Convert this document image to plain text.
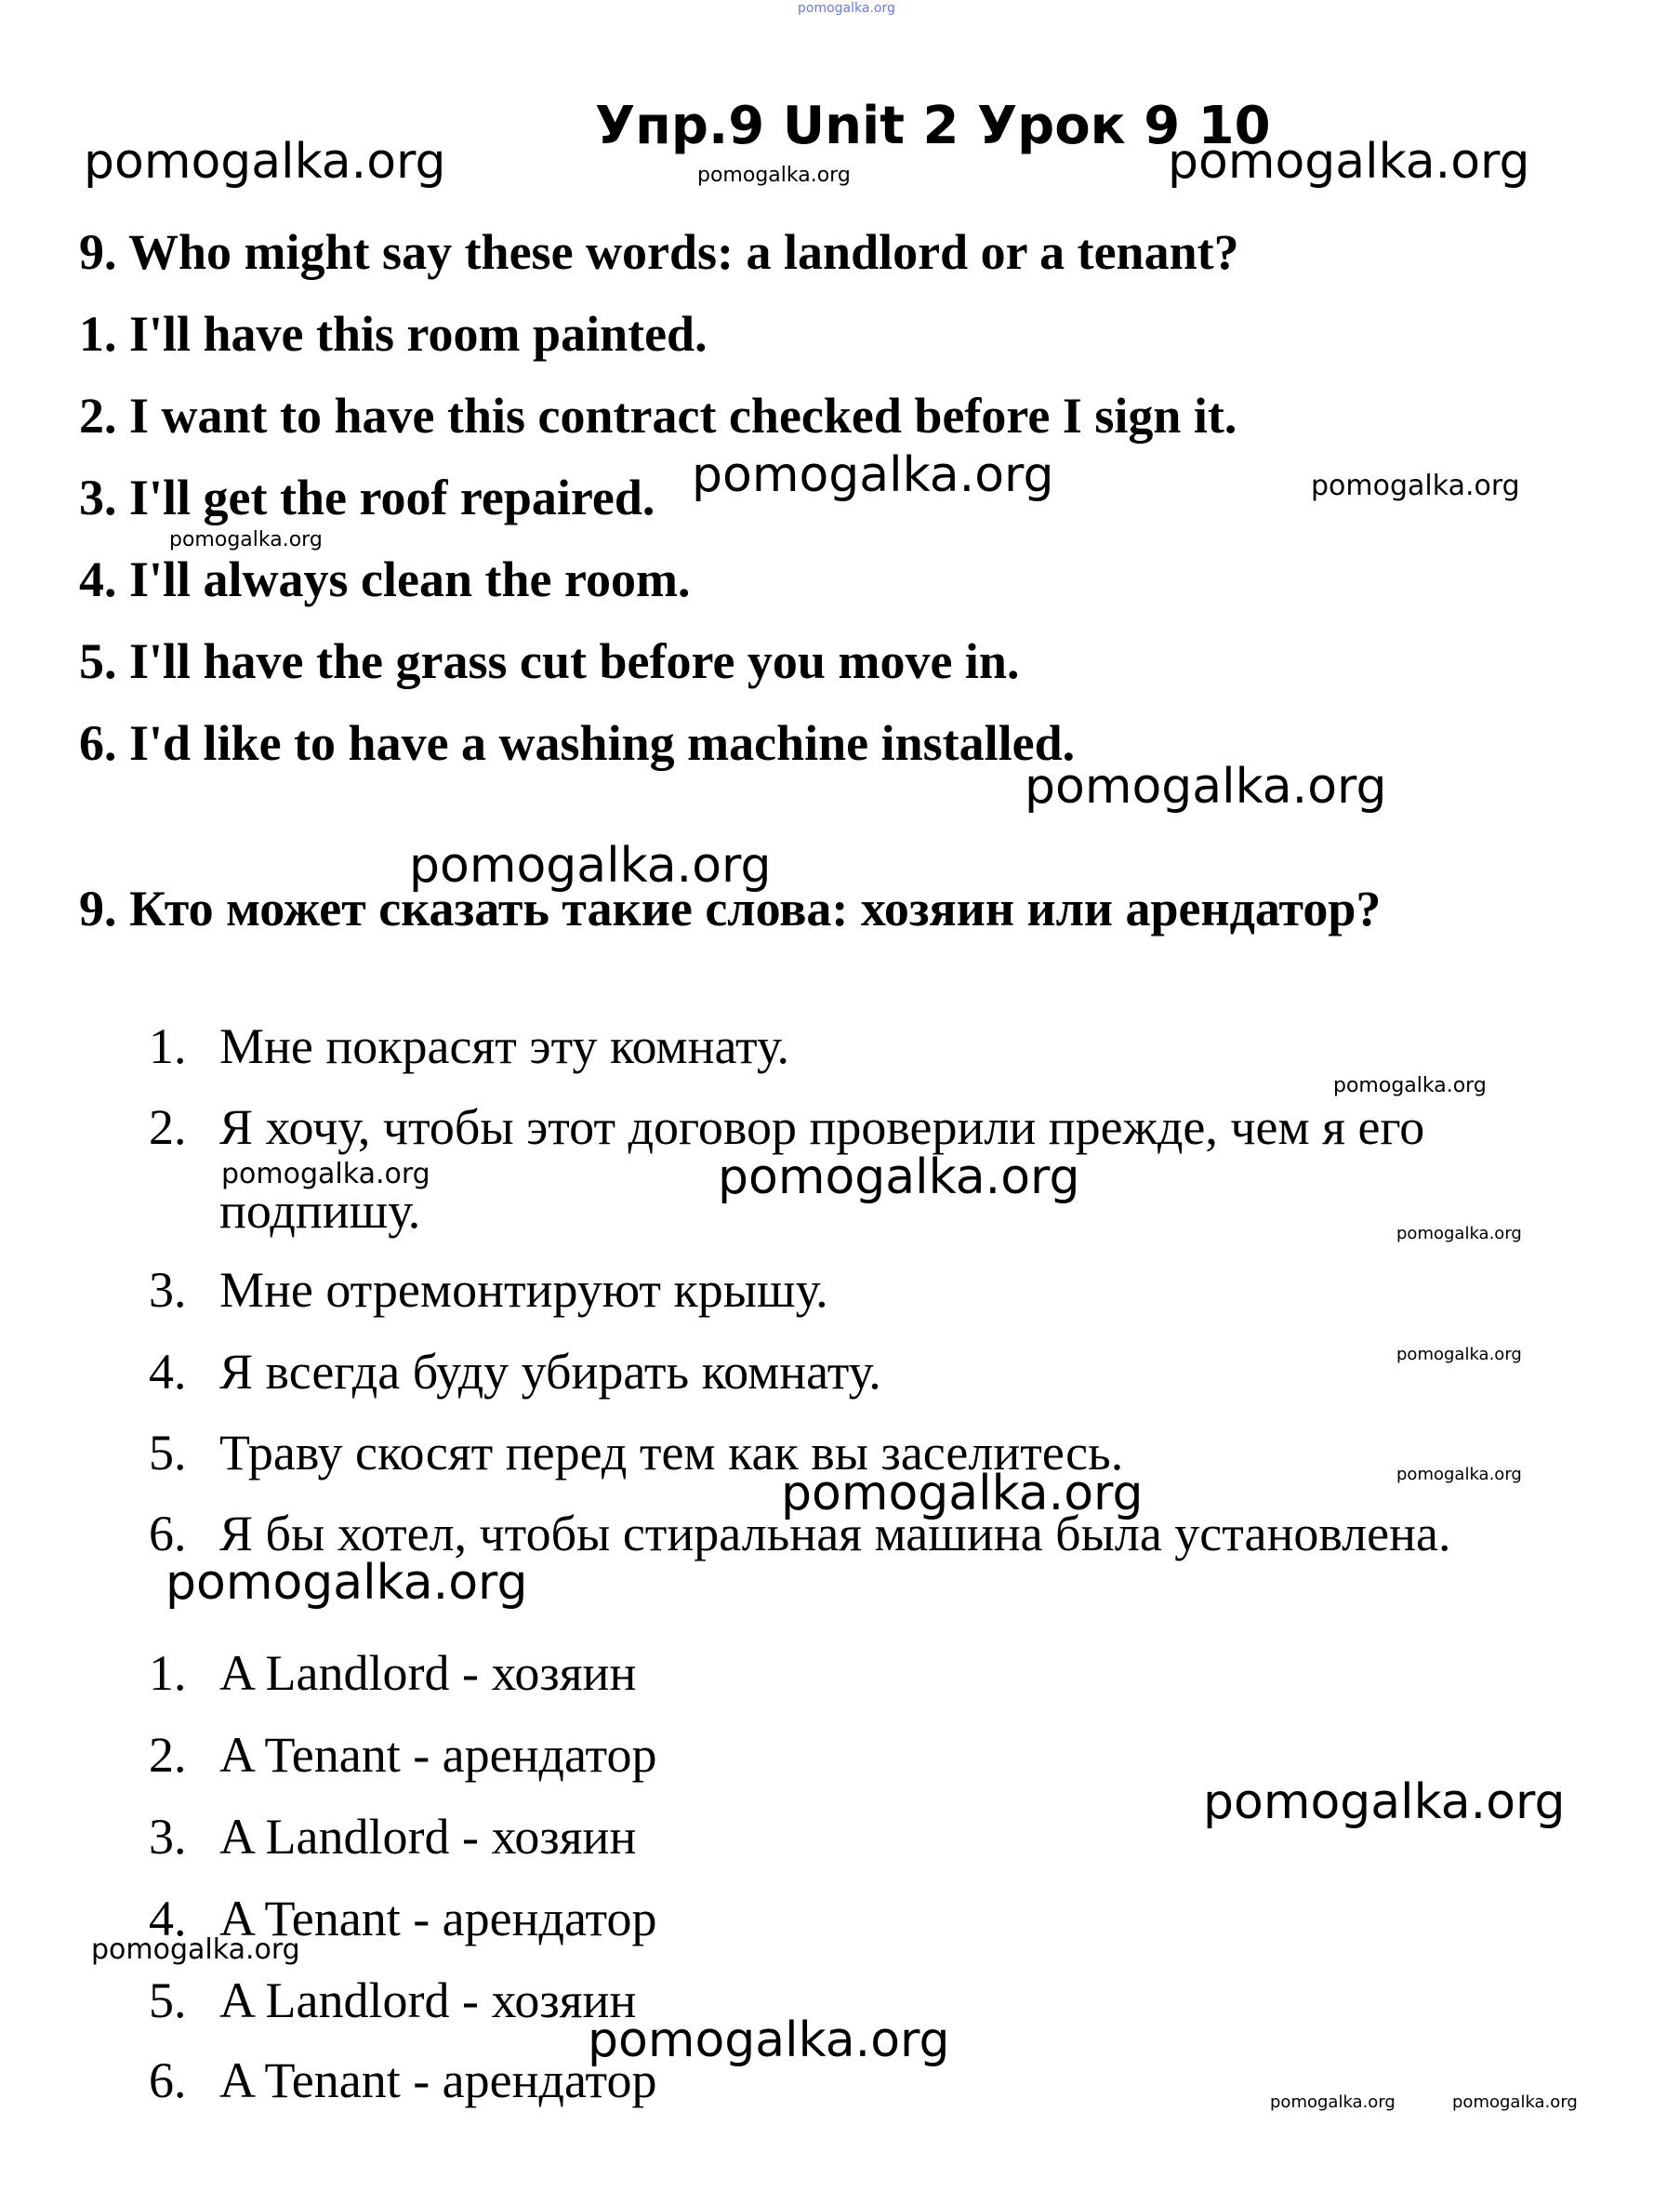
pomogalka.org
pomogalka.org
Упр.9 Unit 2 Урок 9 10
pomogalka.org	pomogalka.org
9. Who might say these words: a landlord or a tenant?
1. I'll have this room painted.
2. I want to have this contract checked before I sign it.
3. I'll get the roof repaired.
4. I'll always clean the room.
5. I'll have the grass cut before you move in.
6. I'd like to have a washing machine installed.
pomogalka.org	pomogalka.org
pomogalka.org
pomogalka.org
pomogalka.org
9. Кто может сказать такие слова: хозяин или арендатор?
1. Мне покрасят эту комнату.
pomogalka.org
2. Я хочу, чтобы этот договор проверили прежде, чем я его
подпишу.
pomogalka.org	pomogalka.org
pomogalka.org
3. Мне отремонтируют крышу.
4. Я всегда буду убирать комнату.	pomogalka.org
5. Траву скосят перед тем как вы заселитесь.	pomogalka.org
pomogalka.org
6. Я бы хотел, чтобы стиральная машина была установлена.
pomogalka.org
1. A Landlord - хозяин
2. A Tenant - арендатор
pomogalka.org
3. A Landlord - хозяин
4. A Tenant - арендатор
pomogalka.org
5. A Landlord - хозяин
pomogalka.org
6. A Tenant - арендатор	pomogalka.org	pomogalka.org
